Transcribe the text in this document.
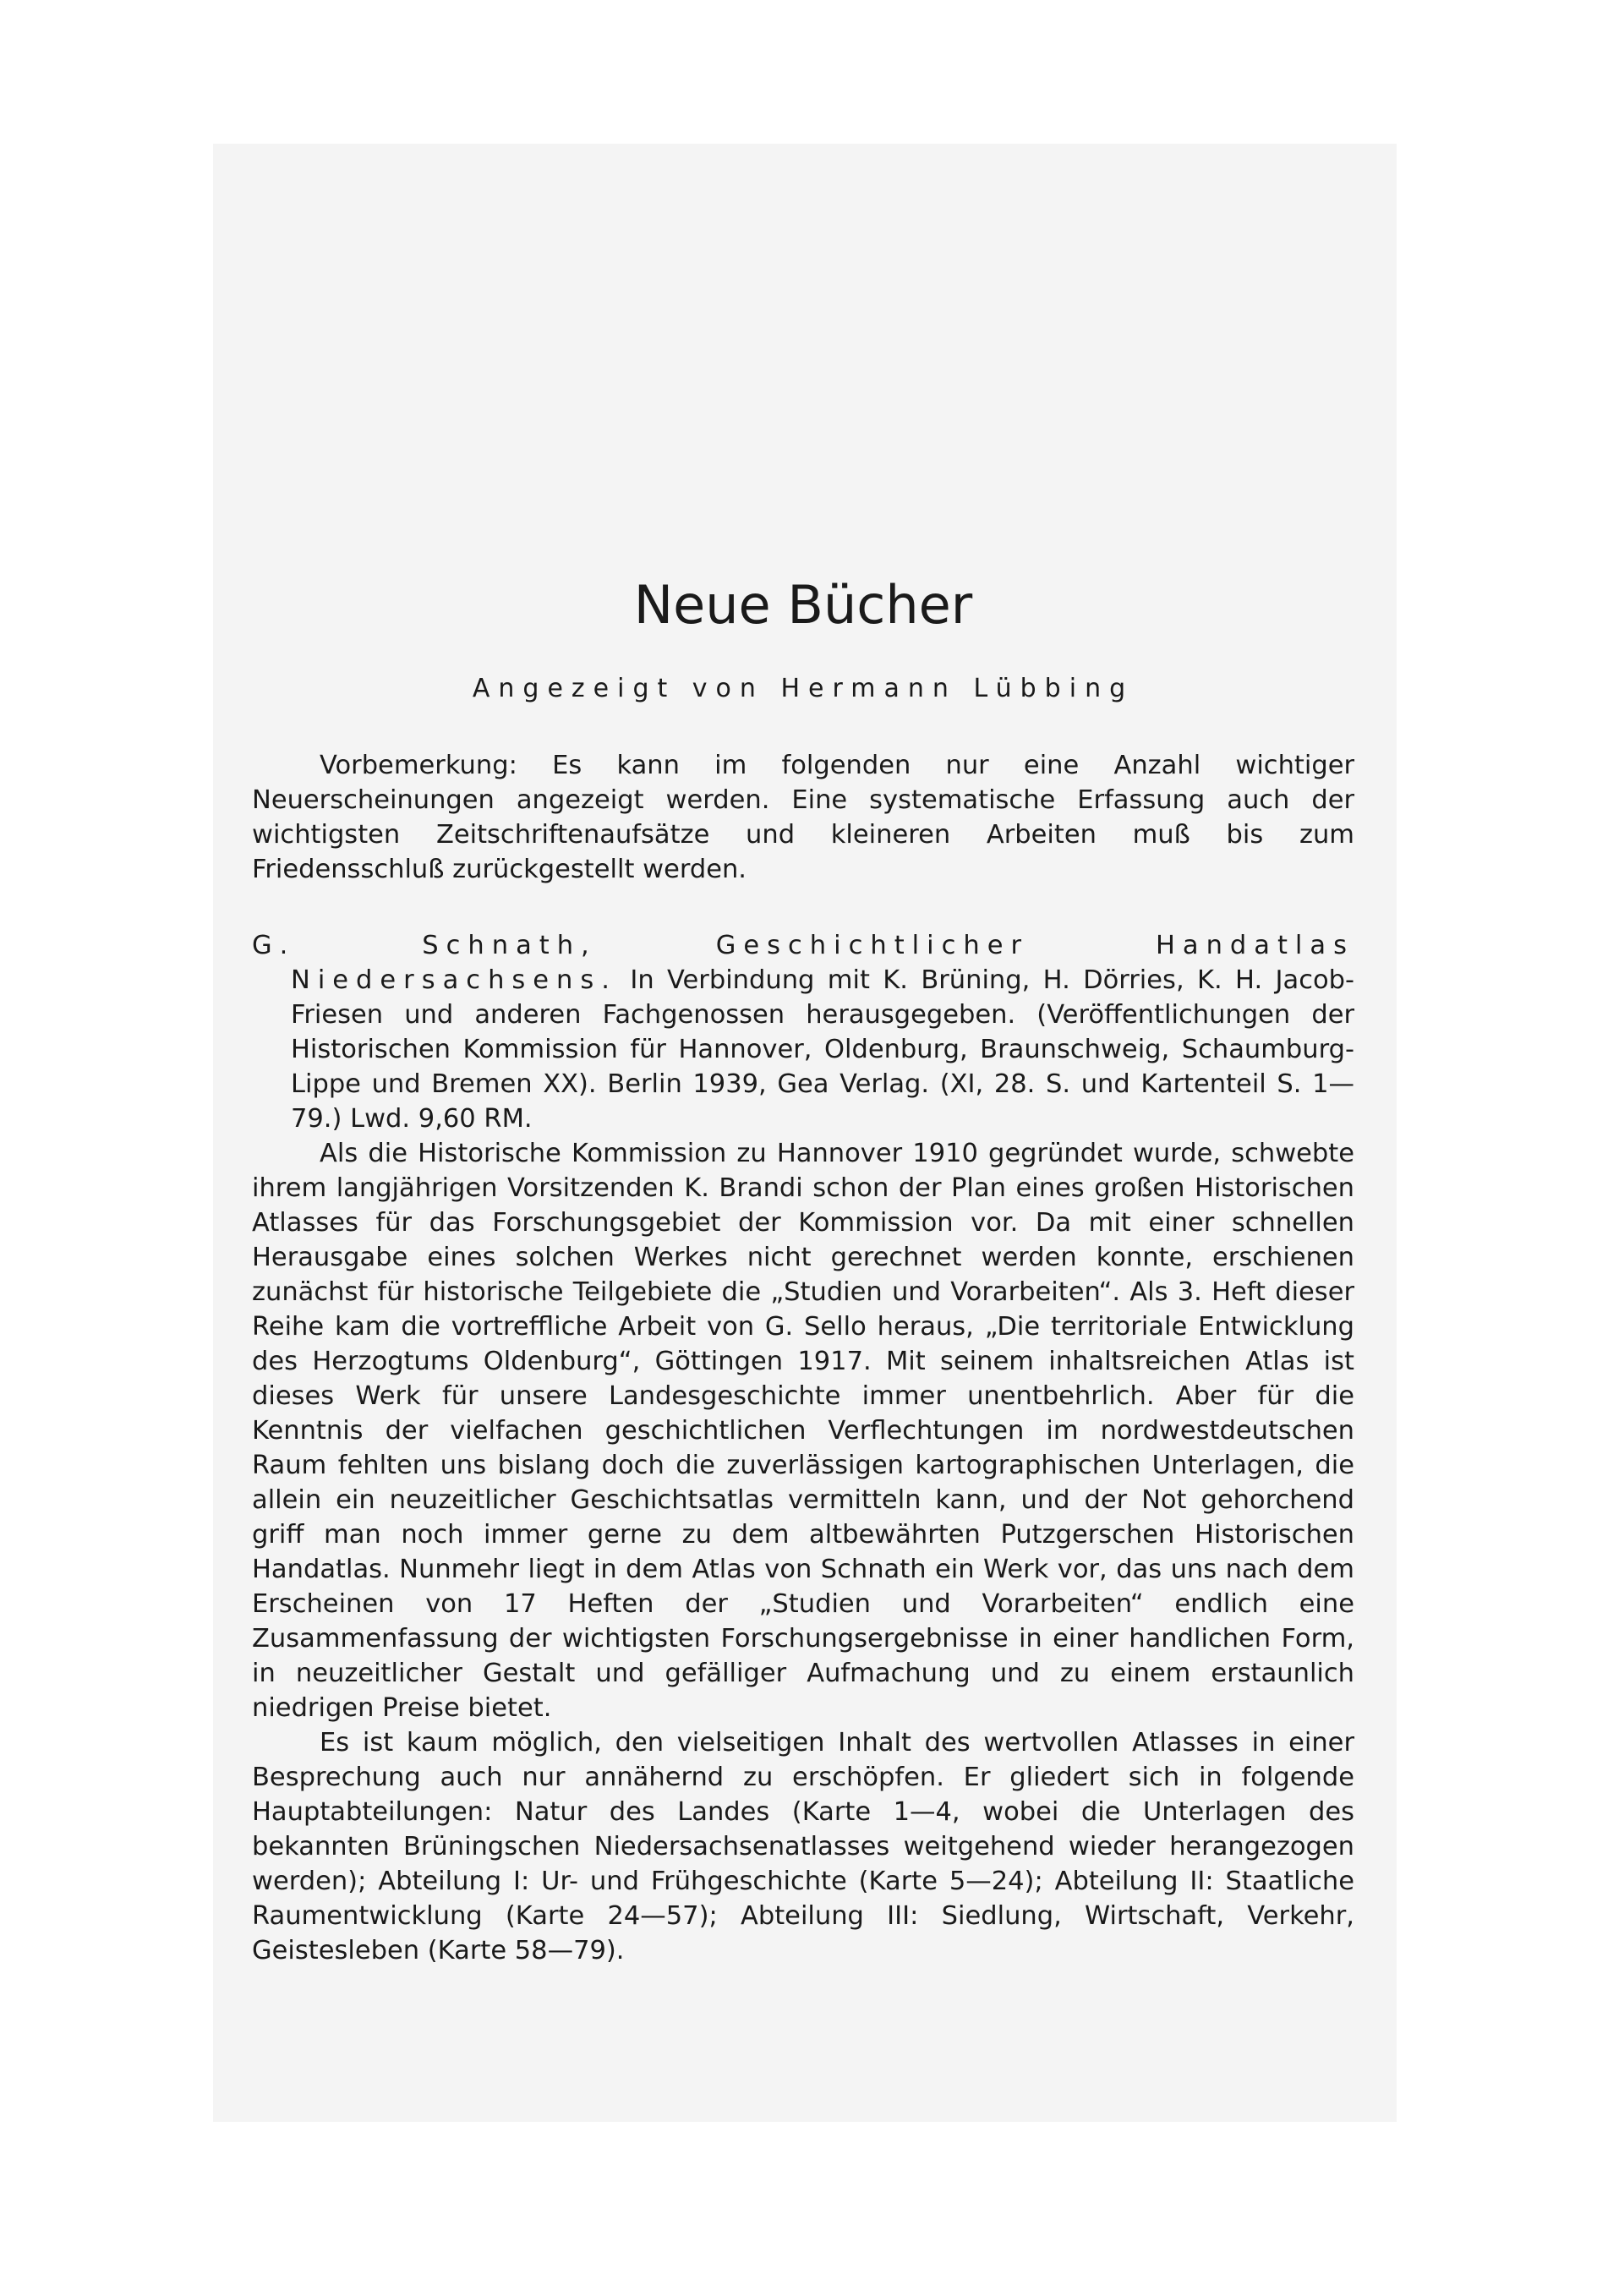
Neue Bücher
Angezeigt von Hermann Lübbing

Vorbemerkung: Es kann im folgenden nur eine Anzahl wichtiger Neuerscheinungen angezeigt werden. Eine systematische Erfassung auch der wichtigsten Zeitschriftenaufsätze und kleineren Arbeiten muß bis zum Friedensschluß zurückgestellt werden.

G. Schnath,	Geschichtlicher Handatlas Niedersachsens. In Verbindung mit K. Brüning, H. Dörries, K. H. Jacob-Friesen und anderen Fachgenossen herausgegeben. (Veröffentlichungen der Historischen Kommission für Hannover, Oldenburg, Braunschweig, Schaumburg-Lippe und Bremen XX). Berlin 1939, Gea Verlag. (XI, 28. S. und Kartenteil S. 1—79.) Lwd. 9,60 RM.

Als die Historische Kommission zu Hannover 1910 gegründet wurde, schwebte ihrem langjährigen Vorsitzenden K. Brandi schon der Plan eines großen Historischen Atlasses für das Forschungsgebiet der Kommission vor. Da mit einer schnellen Herausgabe eines solchen Werkes nicht gerechnet werden konnte, erschienen zunächst für historische Teilgebiete die „Studien und Vorarbeiten“. Als 3. Heft dieser Reihe kam die vortreffliche Arbeit von G. Sello heraus, „Die territoriale Entwicklung des Herzogtums Oldenburg“, Göttingen 1917. Mit seinem inhaltsreichen Atlas ist dieses Werk für unsere Landesgeschichte immer unentbehrlich. Aber für die Kenntnis der vielfachen geschichtlichen Verflechtungen im nordwestdeutschen Raum fehlten uns bislang doch die zuverlässigen kartographischen Unterlagen, die allein ein neuzeitlicher Geschichtsatlas vermitteln kann, und der Not gehorchend griff man noch immer gerne zu dem altbewährten Putzgerschen Historischen Handatlas. Nunmehr liegt in dem Atlas von Schnath ein Werk vor, das uns nach dem Erscheinen von 17 Heften der „Studien und Vorarbeiten“ endlich eine Zusammenfassung der wichtigsten Forschungsergebnisse in einer handlichen Form, in neuzeitlicher Gestalt und gefälliger Aufmachung und zu einem erstaunlich niedrigen Preise bietet.

Es ist kaum möglich, den vielseitigen Inhalt des wertvollen Atlasses in einer Besprechung auch nur annähernd zu erschöpfen. Er gliedert sich in folgende Hauptabteilungen: Natur des Landes (Karte 1—4, wobei die Unterlagen des bekannten Brüningschen Niedersachsenatlasses weitgehend wieder herangezogen werden); Abteilung I: Ur- und Frühgeschichte (Karte 5—24); Abteilung II: Staatliche Raumentwicklung (Karte 24—57); Abteilung III: Siedlung, Wirtschaft, Verkehr, Geistesleben (Karte 58—79).
